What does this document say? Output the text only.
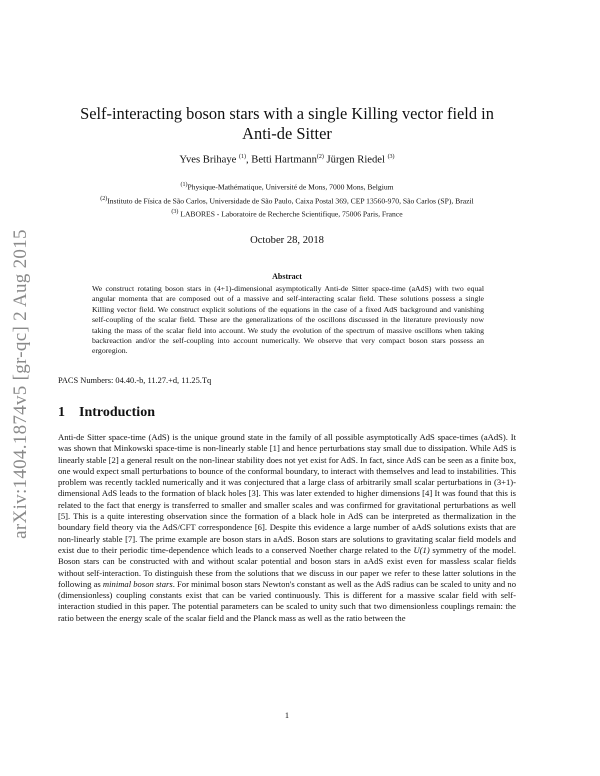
arXiv:1404.1874v5 [gr-qc] 2 Aug 2015
Self-interacting boson stars with a single Killing vector field in
Anti-de Sitter
Yves Brihaye $^{(1)}$, Betti Hartmann$^{(2)}$ Jürgen Riedel $^{(3)}$
$^{(1)}$Physique-Mathématique, Université de Mons, 7000 Mons, Belgium
$^{(2)}$Instituto de Física de São Carlos, Universidade de São Paulo, Caixa Postal 369, CEP 13560-970, São Carlos (SP), Brazil
$^{(3)}$ LABORES - Laboratoire de Recherche Scientifique, 75006 Paris, France
October 28, 2018
Abstract

We construct rotating boson stars in (4+1)-dimensional asymptotically Anti-de Sitter space-time (aAdS) with two equal angular momenta that are composed out of a massive and self-interacting scalar field. These solutions possess a single Killing vector field. We construct explicit solutions of the equations in the case of a fixed AdS background and vanishing self-coupling of the scalar field. These are the generalizations of the oscillons discussed in the literature previously now taking the mass of the scalar field into account. We study the evolution of the spectrum of massive oscillons when taking backreaction and/or the self-coupling into account numerically. We observe that very compact boson stars possess an ergoregion.

PACS Numbers: 04.40.-b, 11.27.+d, 11.25.Tq
1 Introduction

Anti-de Sitter space-time (AdS) is the unique ground state in the family of all possible asymptotically AdS space-times (aAdS). It was shown that Minkowski space-time is non-linearly stable [1] and hence perturbations stay small due to dissipation. While AdS is linearly stable [2] a general result on the non-linear stability does not yet exist for AdS. In fact, since AdS can be seen as a finite box, one would expect small perturbations to bounce of the conformal boundary, to interact with themselves and lead to instabilities. This problem was recently tackled numerically and it was conjectured that a large class of arbitrarily small scalar perturbations in (3+1)-dimensional AdS leads to the formation of black holes [3]. This was later extended to higher dimensions [4] It was found that this is related to the fact that energy is transferred to smaller and smaller scales and was confirmed for gravitational perturbations as well [5]. This is a quite interesting observation since the formation of a black hole in AdS can be interpreted as thermalization in the boundary field theory via the AdS/CFT correspondence [6]. Despite this evidence a large number of aAdS solutions exists that are non-linearly stable [7]. The prime example are boson stars in aAdS. Boson stars are solutions to gravitating scalar field models and exist due to their periodic time-dependence which leads to a conserved Noether charge related to the U(1) symmetry of the model. Boson stars can be constructed with and without scalar potential and boson stars in aAdS exist even for massless scalar fields without self-interaction. To distinguish these from the solutions that we discuss in our paper we refer to these latter solutions in the following as minimal boson stars. For minimal boson stars Newton's constant as well as the AdS radius can be scaled to unity and no (dimensionless) coupling constants exist that can be varied continuously. This is different for a massive scalar field with self-interaction studied in this paper. The potential parameters can be scaled to unity such that two dimensionless couplings remain: the ratio between the energy scale of the scalar field and the Planck mass as well as the ratio between the

1
